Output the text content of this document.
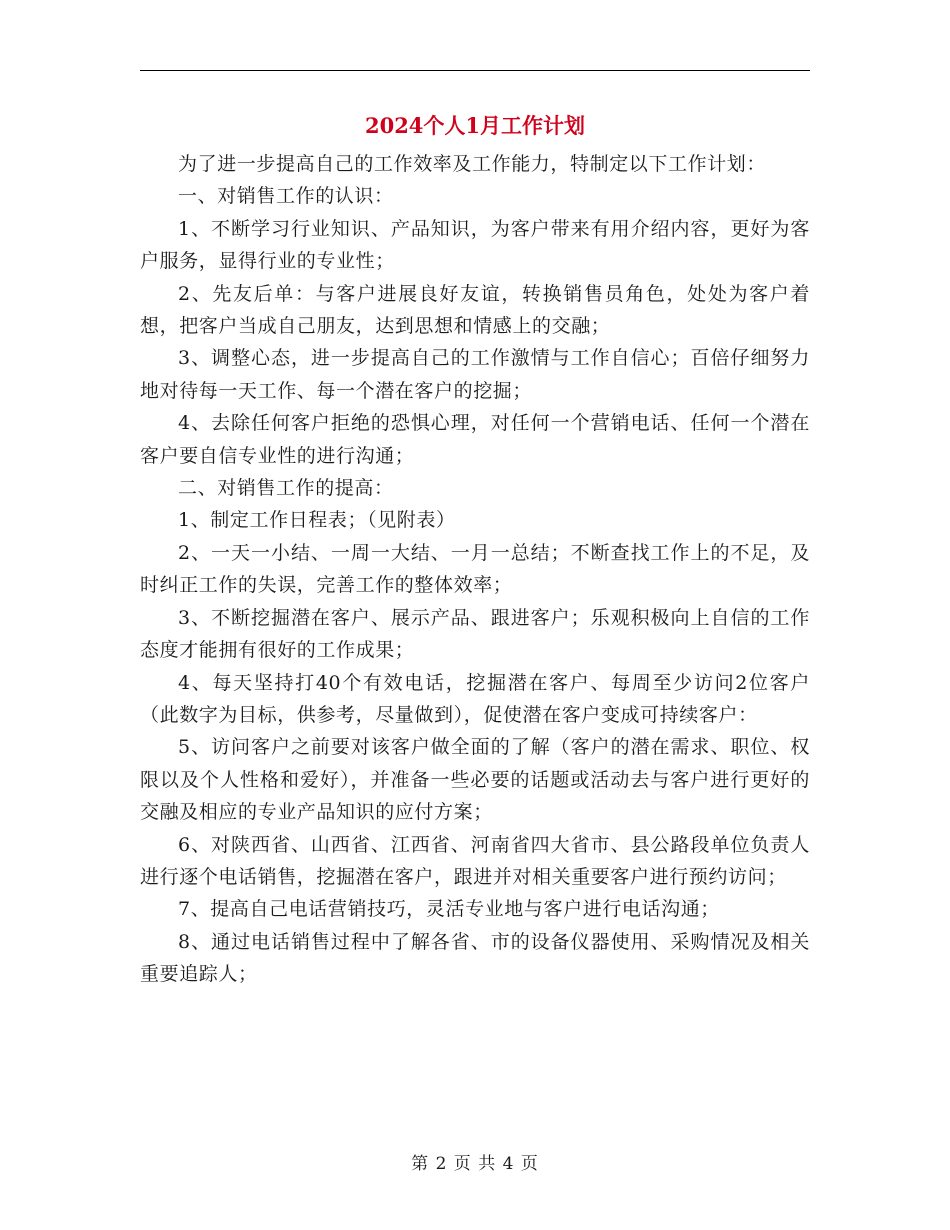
2024个人1月工作计划

为了进一步提高自己的工作效率及工作能力，特制定以下工作计划：

一、对销售工作的认识：

1、不断学习行业知识、产品知识，为客户带来有用介绍内容，更好为客户服务，显得行业的专业性；

2、先友后单：与客户进展良好友谊，转换销售员角色，处处为客户着想，把客户当成自己朋友，达到思想和情感上的交融；

3、调整心态，进一步提高自己的工作激情与工作自信心；百倍仔细努力地对待每一天工作、每一个潜在客户的挖掘；

4、去除任何客户拒绝的恐惧心理，对任何一个营销电话、任何一个潜在客户要自信专业性的进行沟通；

二、对销售工作的提高：

1、制定工作日程表；（见附表）

2、一天一小结、一周一大结、一月一总结；不断查找工作上的不足，及时纠正工作的失误，完善工作的整体效率；

3、不断挖掘潜在客户、展示产品、跟进客户；乐观积极向上自信的工作态度才能拥有很好的工作成果；

4、每天坚持打40个有效电话，挖掘潜在客户、每周至少访问2位客户（此数字为目标，供参考，尽量做到），促使潜在客户变成可持续客户：

5、访问客户之前要对该客户做全面的了解（客户的潜在需求、职位、权限以及个人性格和爱好），并准备一些必要的话题或活动去与客户进行更好的交融及相应的专业产品知识的应付方案；

6、对陕西省、山西省、江西省、河南省四大省市、县公路段单位负责人进行逐个电话销售，挖掘潜在客户，跟进并对相关重要客户进行预约访问；

7、提高自己电话营销技巧，灵活专业地与客户进行电话沟通；

8、通过电话销售过程中了解各省、市的设备仪器使用、采购情况及相关重要追踪人；

第 2 页 共 4 页
